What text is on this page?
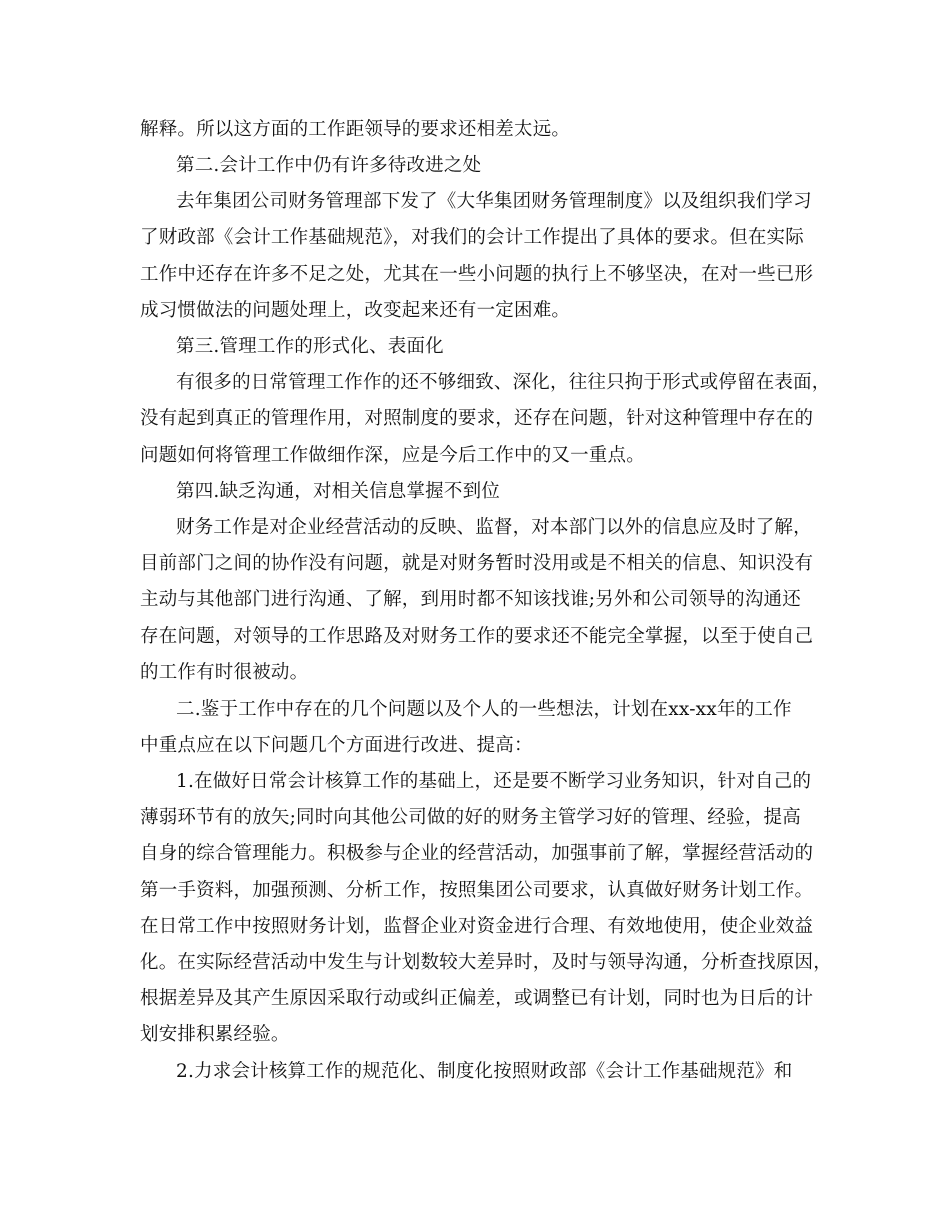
解释。所以这方面的工作距领导的要求还相差太远。
第二.会计工作中仍有许多待改进之处
去年集团公司财务管理部下发了《大华集团财务管理制度》以及组织我们学习
了财政部《会计工作基础规范》，对我们的会计工作提出了具体的要求。但在实际
工作中还存在许多不足之处，尤其在一些小问题的执行上不够坚决，在对一些已形
成习惯做法的问题处理上，改变起来还有一定困难。
第三.管理工作的形式化、表面化
有很多的日常管理工作作的还不够细致、深化，往往只拘于形式或停留在表面，
没有起到真正的管理作用，对照制度的要求，还存在问题，针对这种管理中存在的
问题如何将管理工作做细作深，应是今后工作中的又一重点。
第四.缺乏沟通，对相关信息掌握不到位
财务工作是对企业经营活动的反映、监督，对本部门以外的信息应及时了解，
目前部门之间的协作没有问题，就是对财务暂时没用或是不相关的信息、知识没有
主动与其他部门进行沟通、了解，到用时都不知该找谁;另外和公司领导的沟通还
存在问题，对领导的工作思路及对财务工作的要求还不能完全掌握，以至于使自己
的工作有时很被动。
二.鉴于工作中存在的几个问题以及个人的一些想法，计划在xx-xx年的工作
中重点应在以下问题几个方面进行改进、提高：
1.在做好日常会计核算工作的基础上，还是要不断学习业务知识，针对自己的
薄弱环节有的放矢;同时向其他公司做的好的财务主管学习好的管理、经验，提高
自身的综合管理能力。积极参与企业的经营活动，加强事前了解，掌握经营活动的
第一手资料，加强预测、分析工作，按照集团公司要求，认真做好财务计划工作。
在日常工作中按照财务计划，监督企业对资金进行合理、有效地使用，使企业效益
化。在实际经营活动中发生与计划数较大差异时，及时与领导沟通，分析查找原因，
根据差异及其产生原因采取行动或纠正偏差，或调整已有计划，同时也为日后的计
划安排积累经验。
2.力求会计核算工作的规范化、制度化按照财政部《会计工作基础规范》和
